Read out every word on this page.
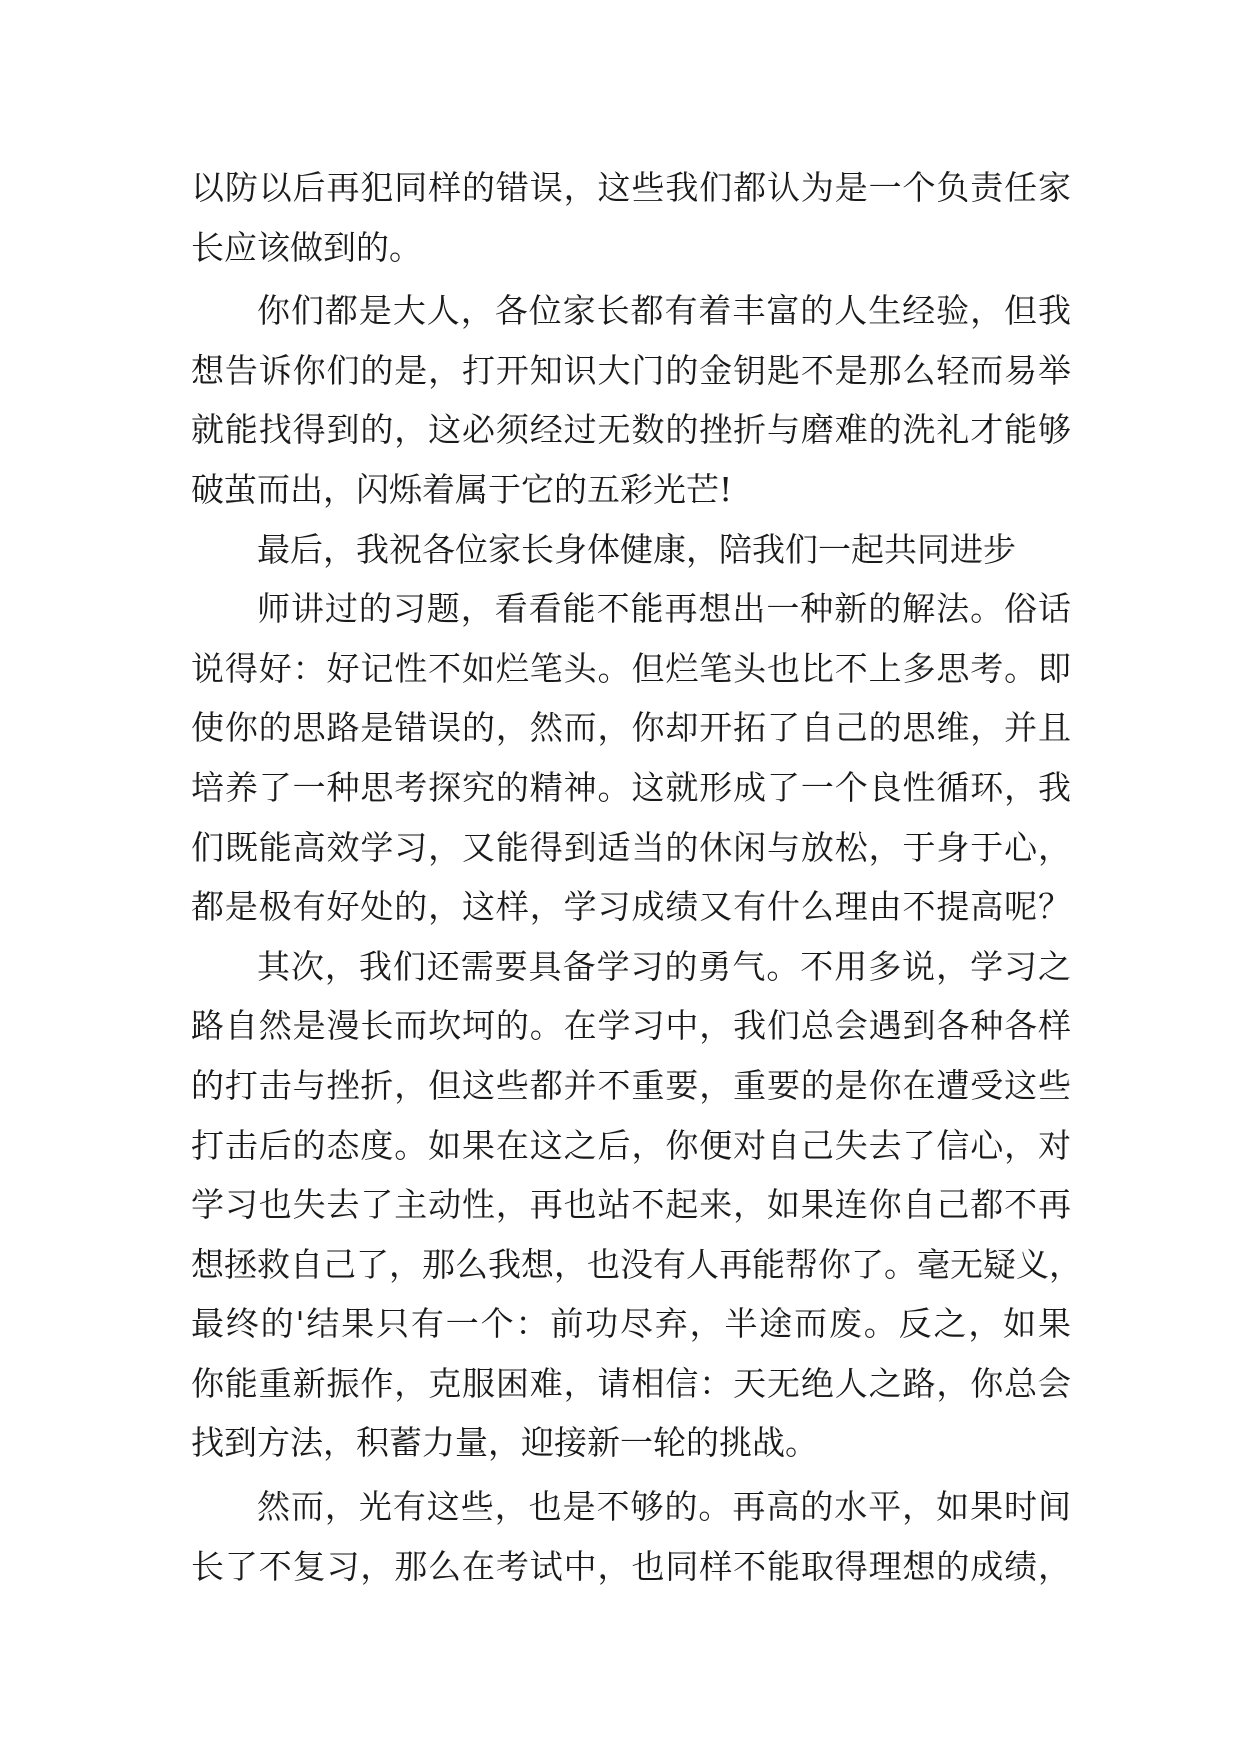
以防以后再犯同样的错误，这些我们都认为是一个负责任家
长应该做到的。
你们都是大人，各位家长都有着丰富的人生经验，但我
想告诉你们的是，打开知识大门的金钥匙不是那么轻而易举
就能找得到的，这必须经过无数的挫折与磨难的洗礼才能够
破茧而出，闪烁着属于它的五彩光芒!
最后，我祝各位家长身体健康，陪我们一起共同进步
师讲过的习题，看看能不能再想出一种新的解法。俗话
说得好：好记性不如烂笔头。但烂笔头也比不上多思考。即
使你的思路是错误的，然而，你却开拓了自己的思维，并且
培养了一种思考探究的精神。这就形成了一个良性循环，我
们既能高效学习，又能得到适当的休闲与放松，于身于心，
都是极有好处的，这样，学习成绩又有什么理由不提高呢？
其次，我们还需要具备学习的勇气。不用多说，学习之
路自然是漫长而坎坷的。在学习中，我们总会遇到各种各样
的打击与挫折，但这些都并不重要，重要的是你在遭受这些
打击后的态度。如果在这之后，你便对自己失去了信心，对
学习也失去了主动性，再也站不起来，如果连你自己都不再
想拯救自己了，那么我想，也没有人再能帮你了。毫无疑义，
最终的'结果只有一个：前功尽弃，半途而废。反之，如果
你能重新振作，克服困难，请相信：天无绝人之路，你总会
找到方法，积蓄力量，迎接新一轮的挑战。
然而，光有这些，也是不够的。再高的水平，如果时间
长了不复习，那么在考试中，也同样不能取得理想的成绩，
